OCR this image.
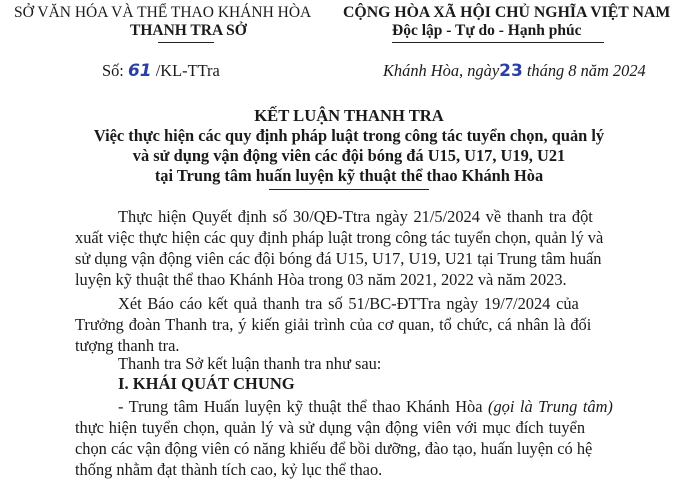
SỞ VĂN HÓA VÀ THỂ THAO KHÁNH HÒA
THANH TRA SỞ
CỘNG HÒA XÃ HỘI CHỦ NGHĨA VIỆT NAM
Độc lập - Tự do - Hạnh phúc
Số: 61 /KL-TTra	Khánh Hòa, ngày23 tháng 8 năm 2024
KẾT LUẬN THANH TRA
Việc thực hiện các quy định pháp luật trong công tác tuyển chọn, quản lý
và sử dụng vận động viên các đội bóng đá U15, U17, U19, U21
tại Trung tâm huấn luyện kỹ thuật thể thao Khánh Hòa
Thực hiện Quyết định số 30/QĐ-Ttra ngày 21/5/2024 về thanh tra đột
xuất việc thực hiện các quy định pháp luật trong công tác tuyển chọn, quản lý và
sử dụng vận động viên các đội bóng đá U15, U17, U19, U21 tại Trung tâm huấn
luyện kỹ thuật thể thao Khánh Hòa trong 03 năm 2021, 2022 và năm 2023.
Xét Báo cáo kết quả thanh tra số 51/BC-ĐTTra ngày 19/7/2024 của
Trưởng đoàn Thanh tra, ý kiến giải trình của cơ quan, tổ chức, cá nhân là đối
tượng thanh tra.
Thanh tra Sở kết luận thanh tra như sau:
I. KHÁI QUÁT CHUNG
- Trung tâm Huấn luyện kỹ thuật thể thao Khánh Hòa (gọi là Trung tâm)
thực hiện tuyển chọn, quản lý và sử dụng vận động viên với mục đích tuyển
chọn các vận động viên có năng khiếu để bồi dưỡng, đào tạo, huấn luyện có hệ
thống nhằm đạt thành tích cao, kỷ lục thể thao.
